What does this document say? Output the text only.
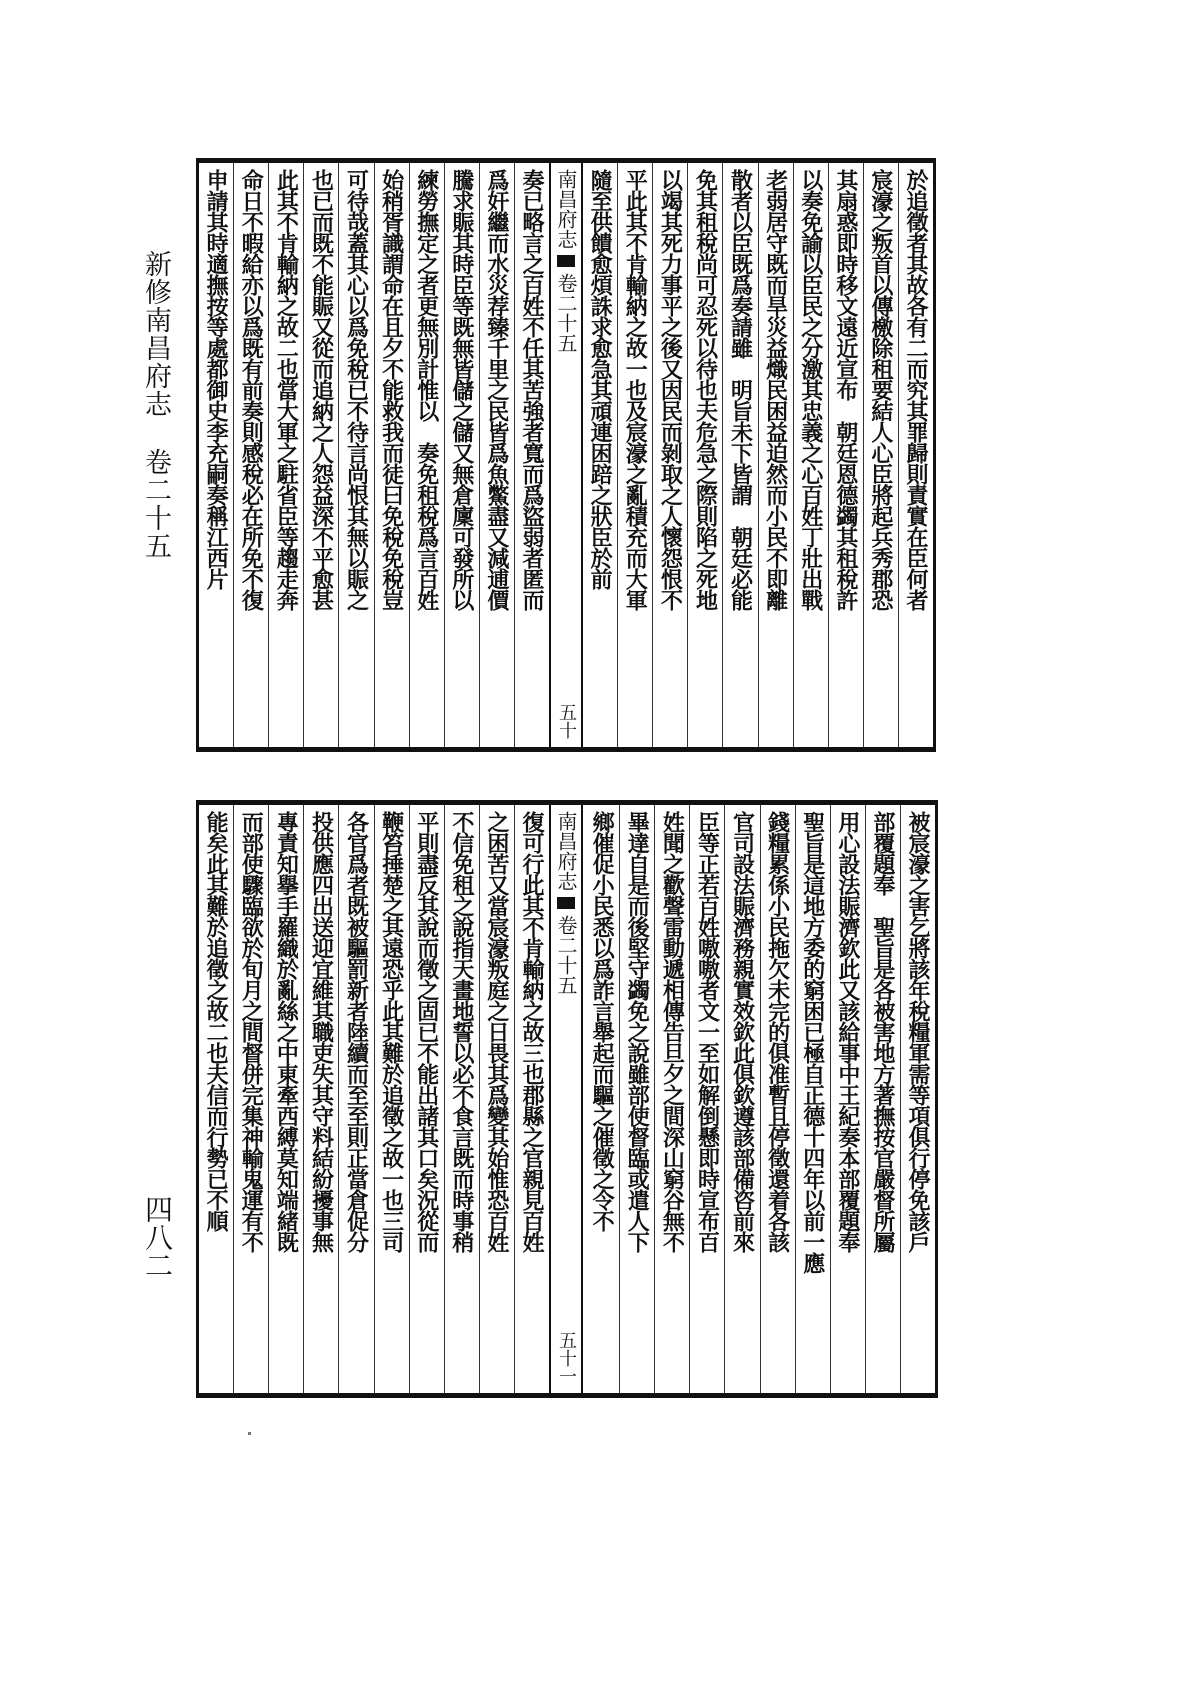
新修南昌府志卷二十五
四八二
於追徵者其故各有二而究其罪歸則責實在臣何者
宸濠之叛首以傳檄除租要結人心臣將起兵秀郡恐
其扇惑即時移文遠近宣布　朝廷恩德蠲其租稅許
以奏免諭以臣民之分激其忠義之心百姓丁壯出戰
老弱居守既而旱災益熾民困益迫然而小民不即離
散者以臣既爲奏請雖　明旨未下皆謂　朝廷必能
免其租稅尚可忍死以待也夫危急之際則陷之死地
以竭其死力事平之後又因民而剝取之人懷怨恨不
平此其不肯輸納之故一也及宸濠之亂積充而大軍
隨至供饋愈煩誅求愈急其頑連困踣之狀臣於前
南昌府志
卷二十五
五十
奏已略言之百姓不任其苦強者寬而爲盜弱者匿而
爲奸繼而水災荐臻千里之民皆爲魚鱉盡又減逋價
騰求賑其時臣等既無皆儲之儲又無倉廩可發所以
練勞撫定之者更無別計惟以　奏免租稅爲言百姓
始稍胥識謂命在且夕不能救我而徒曰免稅免稅豈
可待哉蓋其心以爲免稅已不待言尚恨其無以賑之
也已而既不能賑又從而追納之人怨益深不平愈甚
此其不肯輸納之故二也當大軍之駐省臣等趨走奔
命日不暇給亦以爲既有前奏則感稅必在所免不復
申請其時適撫按等處都御史李充嗣奏稱江西片
被宸濠之害乞將該年稅糧軍需等項俱行停免該戶
部覆題奉　聖旨是各被害地方著撫按官嚴督所屬
用心設法賑濟欽此又該給事中王紀奏本部覆題奉
聖旨是這地方委的窮困已極自正德十四年以前一應
錢糧累係小民拖欠未完的俱准暫且停徵還着各該
官司設法賑濟務親實效欽此俱欽遵該部備咨前來
臣等正若百姓嗷嗷者文一至如解倒懸即時宣布百
姓聞之歡聲雷動遞相傳告旦夕之間深山窮谷無不
畢達自是而後堅守蠲免之說雖部使督臨或遣人下
鄉催促小民悉以爲詐言舉起而驅之催徵之令不
南昌府志
卷二十五
五十一
復可行此其不肯輸納之故三也郡縣之官親見百姓
之困苦又當宸濠叛庭之日畏其爲變其始惟恐百姓
不信免租之說指天畫地誓以必不食言既而時事稍
平則盡反其說而徵之固已不能出諸其口矣況從而
鞭笞捶楚之其遠恐乎此其難於追徵之故一也三司
各官爲者既被驅罰新者陸續而至至則正當倉促分
投供應四出送迎宜維其職吏失其守料結紛擾事無
專責知擧手羅織於亂絲之中東牽西縛莫知端緒既
而部使驟臨欲於旬月之間督併完集神輸鬼運有不
能矣此其難於追徵之故二也夫信而行勢已不順
